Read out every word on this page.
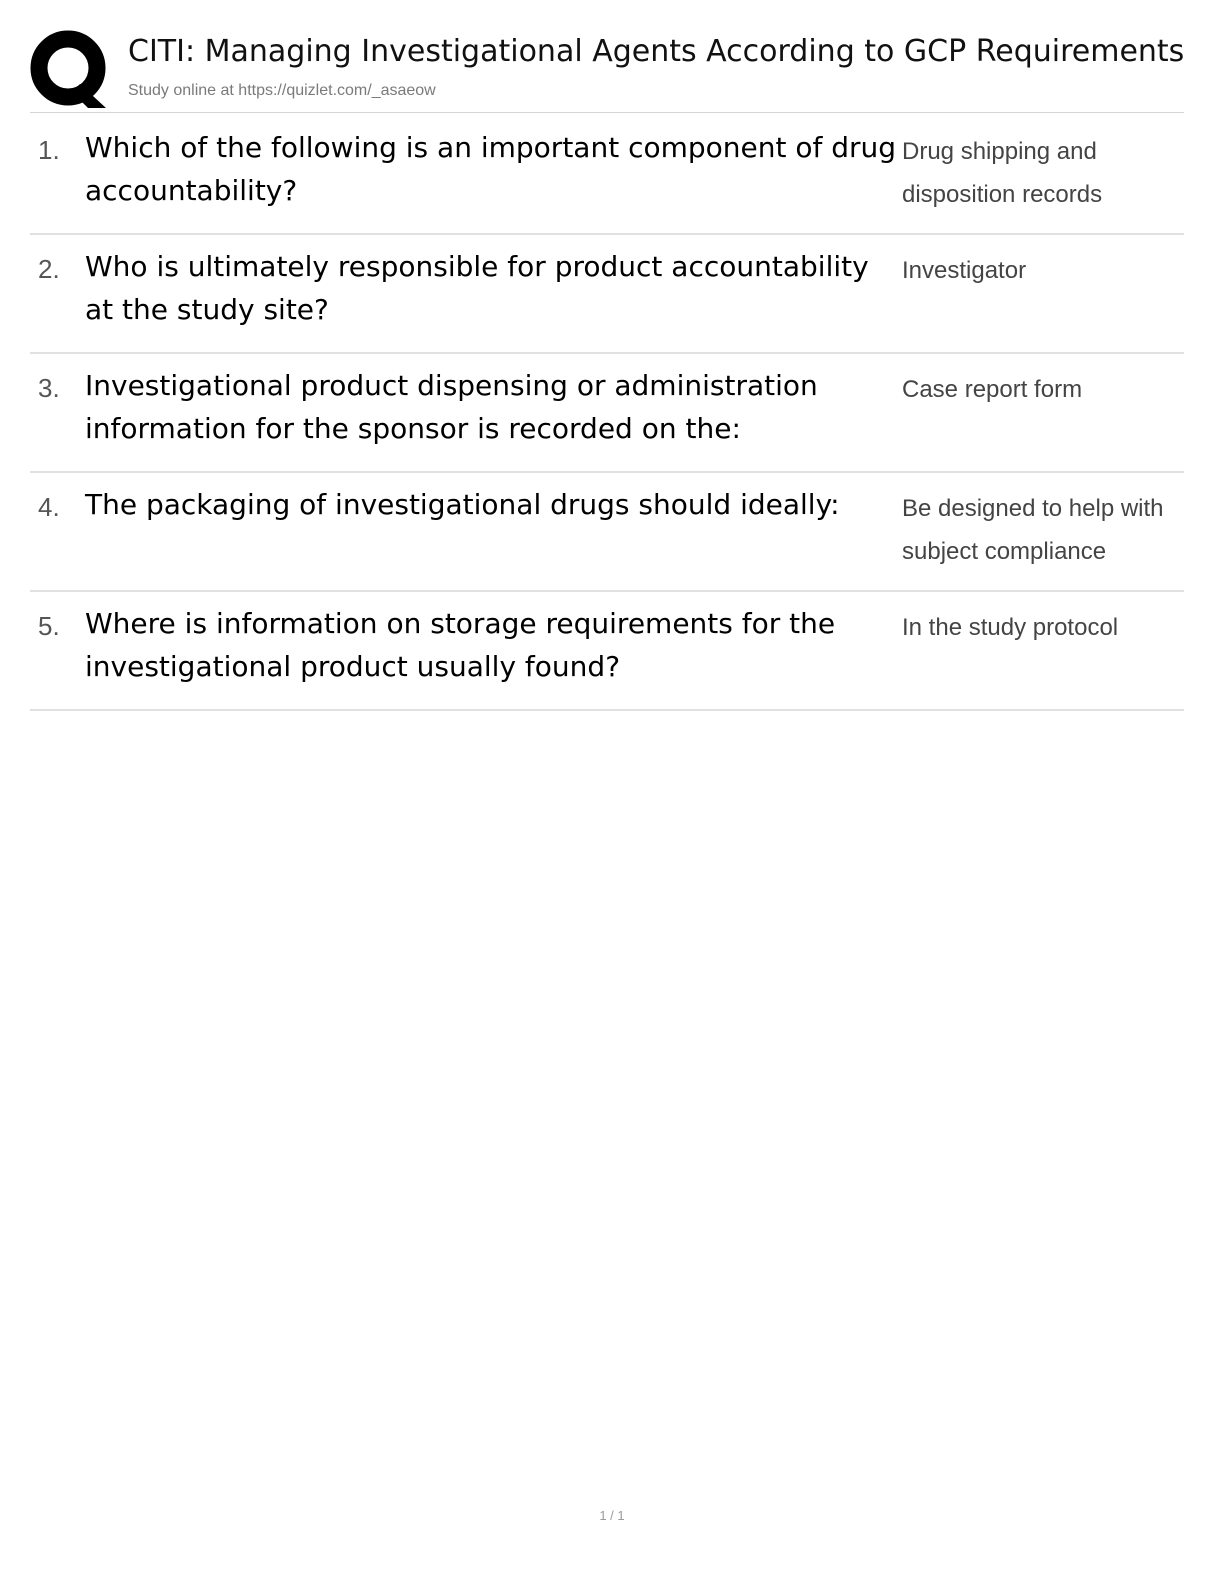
CITI: Managing Investigational Agents According to GCP Requirements
Study online at https://quizlet.com/_asaeow
1. Which of the following is an important component of drug accountability?
Drug shipping and disposition records
2. Who is ultimately responsible for product accountability at the study site?
Investigator
3. Investigational product dispensing or administration information for the sponsor is recorded on the:
Case report form
4. The packaging of investigational drugs should ideally:	Be designed to help with subject compliance
5. Where is information on storage requirements for the investigational product usually found?
In the study protocol
1 / 1
